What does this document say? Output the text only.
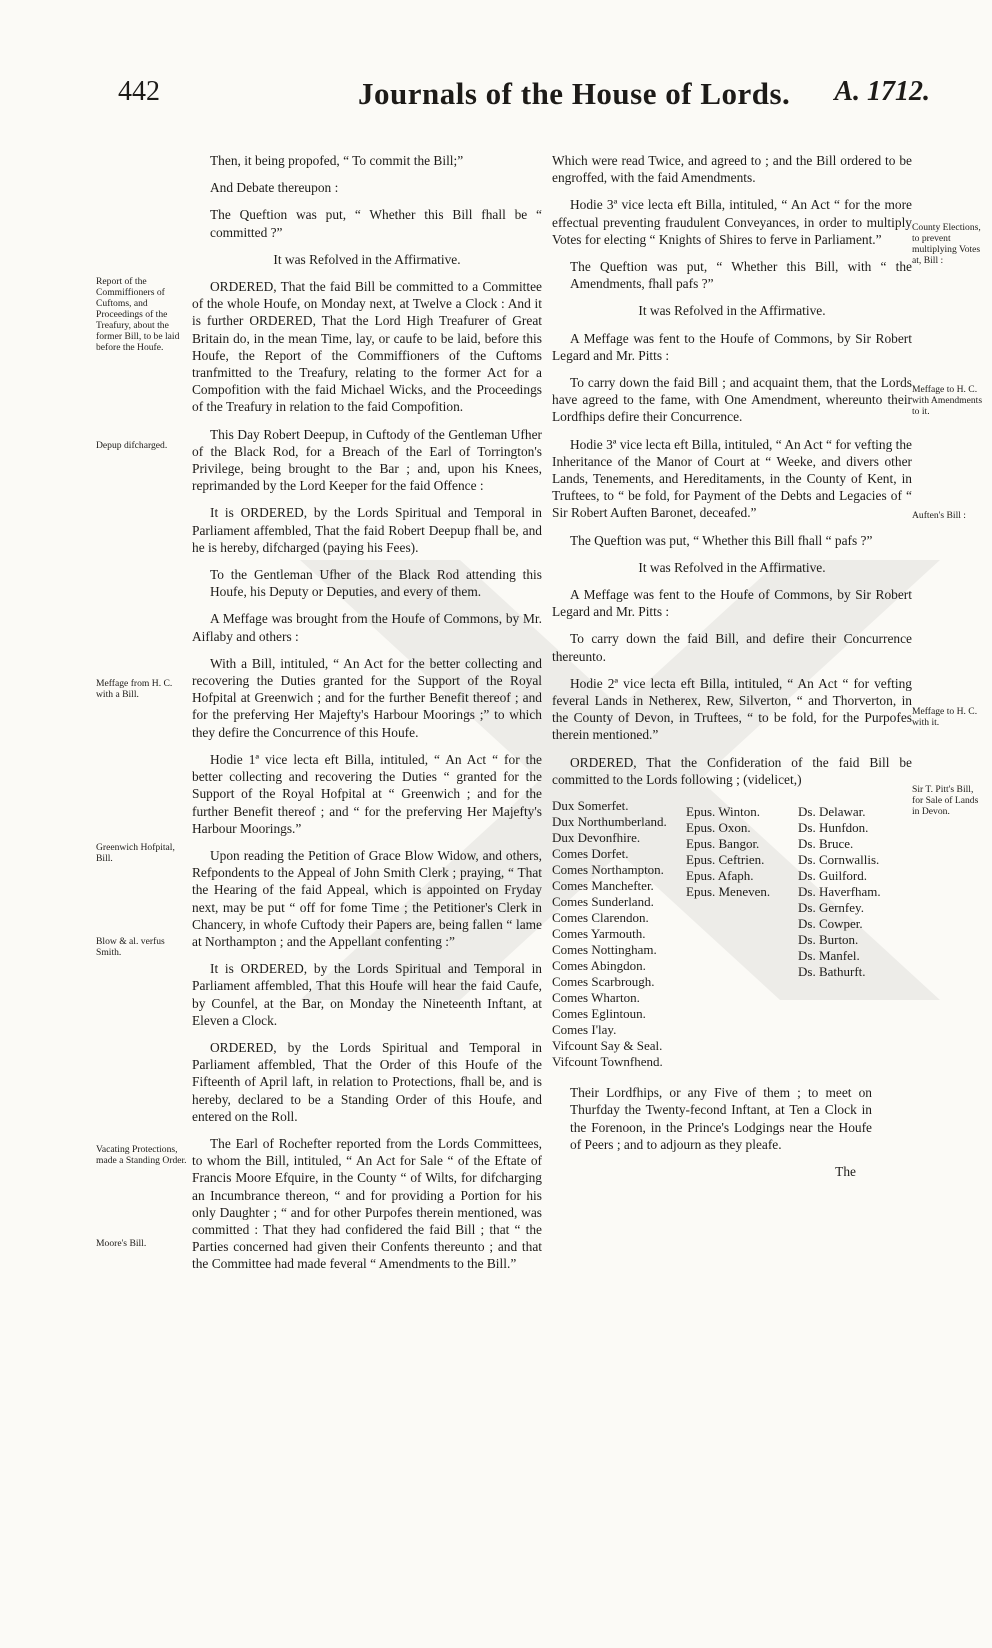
442	Journals of the House of Lords. A. 1712.
Report of the Commiffioners of Cuftoms, and Proceedings of the Treafury, about the former Bill, to be laid before the Houfe.
Depup difcharged.
Meffage from H. C. with a Bill.
Greenwich Hofpital, Bill.
Blow & al. verfus Smith.
Vacating Protections, made a Standing Order.
Moore's Bill.
County Elections, to prevent multiplying Votes at, Bill :
Meffage to H. C. with Amendments to it.
Auften's Bill :
Meffage to H. C. with it.
Sir T. Pitt's Bill, for Sale of Lands in Devon.

Then, it being propofed, “ To commit the Bill;”

And Debate thereupon :

The Queftion was put, “ Whether this Bill fhall be “ committed ?”

It was Refolved in the Affirmative.

ORDERED, That the faid Bill be committed to a Committee of the whole Houfe, on Monday next, at Twelve a Clock : And it is further ORDERED, That the Lord High Treafurer of Great Britain do, in the mean Time, lay, or caufe to be laid, before this Houfe, the Report of the Commiffioners of the Cuftoms tranfmitted to the Treafury, relating to the former Act for a Compofition with the faid Michael Wicks, and the Proceedings of the Treafury in relation to the faid Compofition.

This Day Robert Deepup, in Cuftody of the Gentleman Ufher of the Black Rod, for a Breach of the Earl of Torrington's Privilege, being brought to the Bar ; and, upon his Knees, reprimanded by the Lord Keeper for the faid Offence :

It is ORDERED, by the Lords Spiritual and Temporal in Parliament affembled, That the faid Robert Deepup fhall be, and he is hereby, difcharged (paying his Fees).

To the Gentleman Ufher of the Black Rod attending this Houfe, his Deputy or Deputies, and every of them.

A Meffage was brought from the Houfe of Commons, by Mr. Aiflaby and others :

With a Bill, intituled, “ An Act for the better collecting and recovering the Duties granted for the Support of the Royal Hofpital at Greenwich ; and for the further Benefit thereof ; and for the preferving Her Majefty's Harbour Moorings ;” to which they defire the Concurrence of this Houfe.

Hodie 1ª vice lecta eft Billa, intituled, “ An Act “ for the better collecting and recovering the Duties “ granted for the Support of the Royal Hofpital at “ Greenwich ; and for the further Benefit thereof ; and “ for the preferving Her Majefty's Harbour Moorings.”

Upon reading the Petition of Grace Blow Widow, and others, Refpondents to the Appeal of John Smith Clerk ; praying, “ That the Hearing of the faid Appeal, which is appointed on Fryday next, may be put “ off for fome Time ; the Petitioner's Clerk in Chancery, in whofe Cuftody their Papers are, being fallen “ lame at Northampton ; and the Appellant confenting :”

It is ORDERED, by the Lords Spiritual and Temporal in Parliament affembled, That this Houfe will hear the faid Caufe, by Counfel, at the Bar, on Monday the Nineteenth Inftant, at Eleven a Clock.

ORDERED, by the Lords Spiritual and Temporal in Parliament affembled, That the Order of this Houfe of the Fifteenth of April laft, in relation to Protections, fhall be, and is hereby, declared to be a Standing Order of this Houfe, and entered on the Roll.

The Earl of Rochefter reported from the Lords Committees, to whom the Bill, intituled, “ An Act for Sale “ of the Eftate of Francis Moore Efquire, in the County “ of Wilts, for difcharging an Incumbrance thereon, “ and for providing a Portion for his only Daughter ; “ and for other Purpofes therein mentioned, was committed : That they had confidered the faid Bill ; that “ the Parties concerned had given their Confents thereunto ; and that the Committee had made feveral “ Amendments to the Bill.”

Which were read Twice, and agreed to ; and the Bill ordered to be engroffed, with the faid Amendments.

Hodie 3ª vice lecta eft Billa, intituled, “ An Act “ for the more effectual preventing fraudulent Conveyances, in order to multiply Votes for electing “ Knights of Shires to ferve in Parliament.”

The Queftion was put, “ Whether this Bill, with “ the Amendments, fhall pafs ?”

It was Refolved in the Affirmative.

A Meffage was fent to the Houfe of Commons, by Sir Robert Legard and Mr. Pitts :

To carry down the faid Bill ; and acquaint them, that the Lords have agreed to the fame, with One Amendment, whereunto their Lordfhips defire their Concurrence.

Hodie 3ª vice lecta eft Billa, intituled, “ An Act “ for vefting the Inheritance of the Manor of Court at “ Weeke, and divers other Lands, Tenements, and Hereditaments, in the County of Kent, in Truftees, to “ be fold, for Payment of the Debts and Legacies of “ Sir Robert Auften Baronet, deceafed.”

The Queftion was put, “ Whether this Bill fhall “ pafs ?”

It was Refolved in the Affirmative.

A Meffage was fent to the Houfe of Commons, by Sir Robert Legard and Mr. Pitts :

To carry down the faid Bill, and defire their Concurrence thereunto.

Hodie 2ª vice lecta eft Billa, intituled, “ An Act “ for vefting feveral Lands in Netherex, Rew, Silverton, “ and Thorverton, in the County of Devon, in Truftees, “ to be fold, for the Purpofes therein mentioned.”

ORDERED, That the Confideration of the faid Bill be committed to the Lords following ; (videlicet,)

Dux Somerfet.
Dux Northumberland.
Dux Devonfhire.
Comes Dorfet.
Comes Northampton.
Comes Manchefter.
Comes Sunderland.
Comes Clarendon.
Comes Yarmouth.
Comes Nottingham.
Comes Abingdon.
Comes Scarbrough.
Comes Wharton.
Comes Eglintoun.
Comes I'lay.
Vifcount Say & Seal.
Vifcount Townfhend.
Epus. Winton.
Epus. Oxon.
Epus. Bangor.
Epus. Ceftrien.
Epus. Afaph.
Epus. Meneven.
Ds. Delawar.
Ds. Hunfdon.
Ds. Bruce.
Ds. Cornwallis.
Ds. Guilford.
Ds. Haverfham.
Ds. Gernfey.
Ds. Cowper.
Ds. Burton.
Ds. Manfel.
Ds. Bathurft.

Their Lordfhips, or any Five of them ; to meet on Thurfday the Twenty-fecond Inftant, at Ten a Clock in the Forenoon, in the Prince's Lodgings near the Houfe of Peers ; and to adjourn as they pleafe.

The
